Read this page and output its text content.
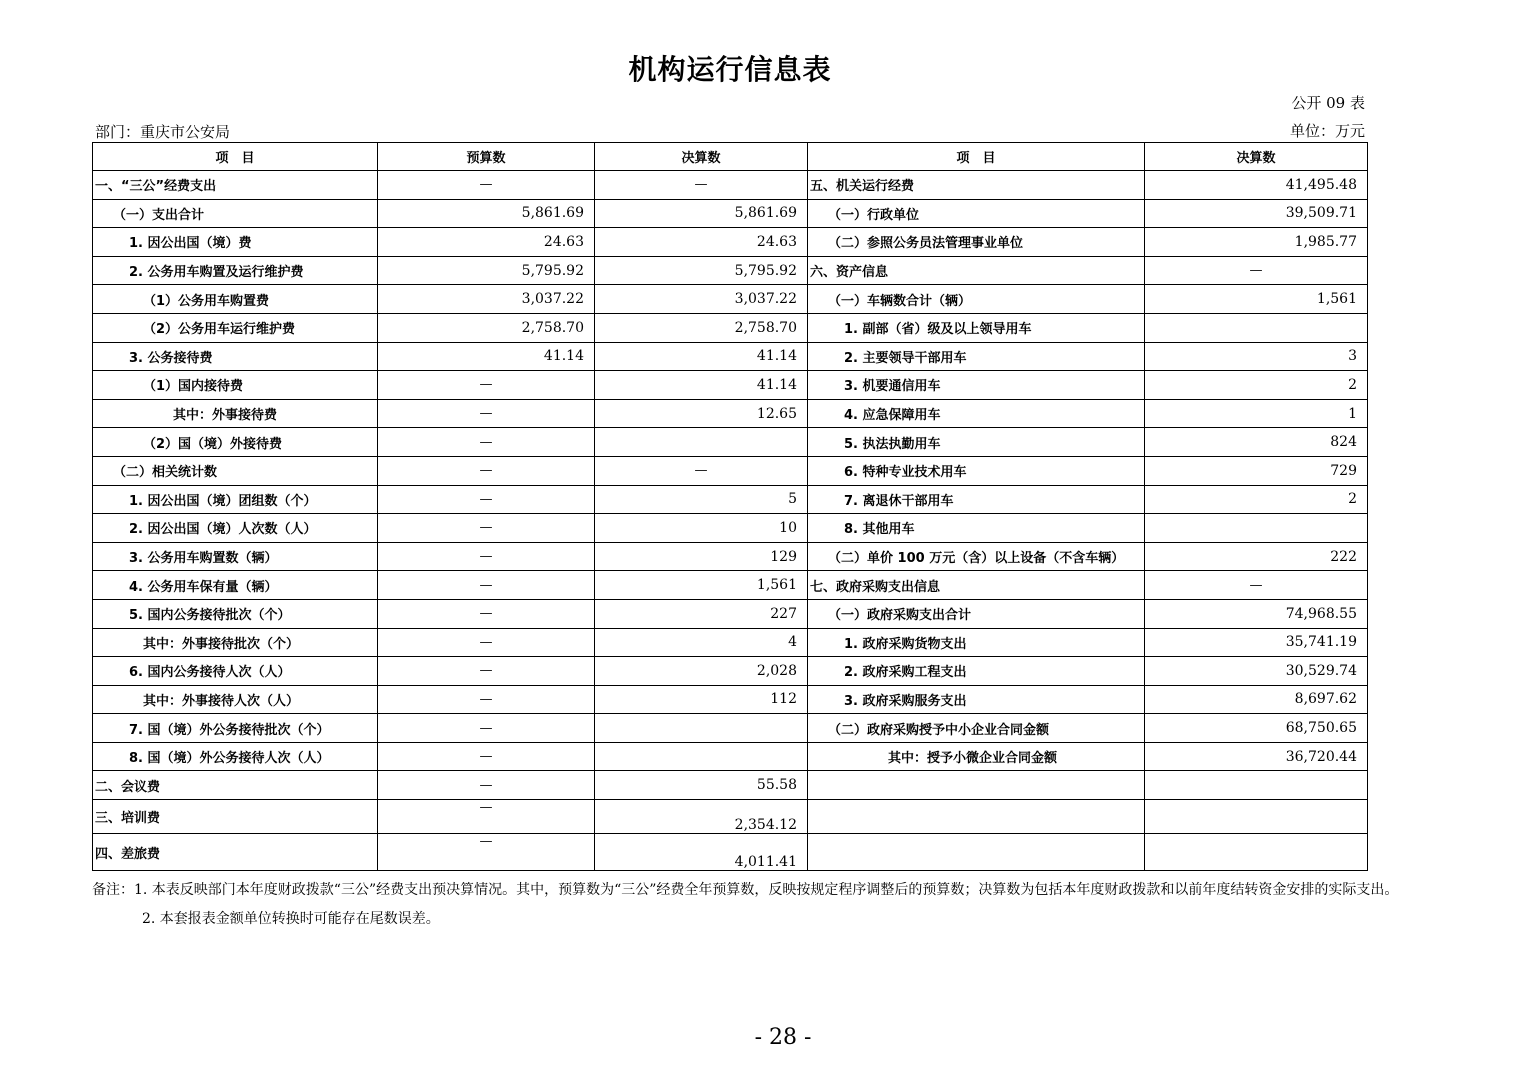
机构运行信息表
公开 09 表
部门：重庆市公安局	单位：万元
项　目	预算数	决算数	项　目	决算数
一、“三公”经费支出	—	—	五、机关运行经费	41,495.48
（一）支出合计	5,861.69	5,861.69	（一）行政单位	39,509.71
1. 因公出国（境）费	24.63	24.63	（二）参照公务员法管理事业单位	1,985.77
2. 公务用车购置及运行维护费	5,795.92	5,795.92	六、资产信息	—
（1）公务用车购置费	3,037.22	3,037.22	（一）车辆数合计（辆）	1,561
（2）公务用车运行维护费	2,758.70	2,758.70	1. 副部（省）级及以上领导用车	
3. 公务接待费	41.14	41.14	2. 主要领导干部用车	3
（1）国内接待费	—	41.14	3. 机要通信用车	2
其中：外事接待费	—	12.65	4. 应急保障用车	1
（2）国（境）外接待费	—		5. 执法执勤用车	824
（二）相关统计数	—	—	6. 特种专业技术用车	729
1. 因公出国（境）团组数（个）	—	5	7. 离退休干部用车	2
2. 因公出国（境）人次数（人）	—	10	8. 其他用车	
3. 公务用车购置数（辆）	—	129	（二）单价 100 万元（含）以上设备（不含车辆）	222
4. 公务用车保有量（辆）	—	1,561	七、政府采购支出信息	—
5. 国内公务接待批次（个）	—	227	（一）政府采购支出合计	74,968.55
其中：外事接待批次（个）	—	4	1. 政府采购货物支出	35,741.19
6. 国内公务接待人次（人）	—	2,028	2. 政府采购工程支出	30,529.74
其中：外事接待人次（人）	—	112	3. 政府采购服务支出	8,697.62
7. 国（境）外公务接待批次（个）	—		（二）政府采购授予中小企业合同金额	68,750.65
8. 国（境）外公务接待人次（人）	—		其中：授予小微企业合同金额	36,720.44
二、会议费	—	55.58		
三、培训费	—	2,354.12		
四、差旅费	—	4,011.41		

备注：1. 本表反映部门本年度财政拨款“三公”经费支出预决算情况。其中，预算数为“三公”经费全年预算数，反映按规定程序调整后的预算数；决算数为包括本年度财政拨款和以前年度结转资金安排的实际支出。

2. 本套报表金额单位转换时可能存在尾数误差。

- 28 -
